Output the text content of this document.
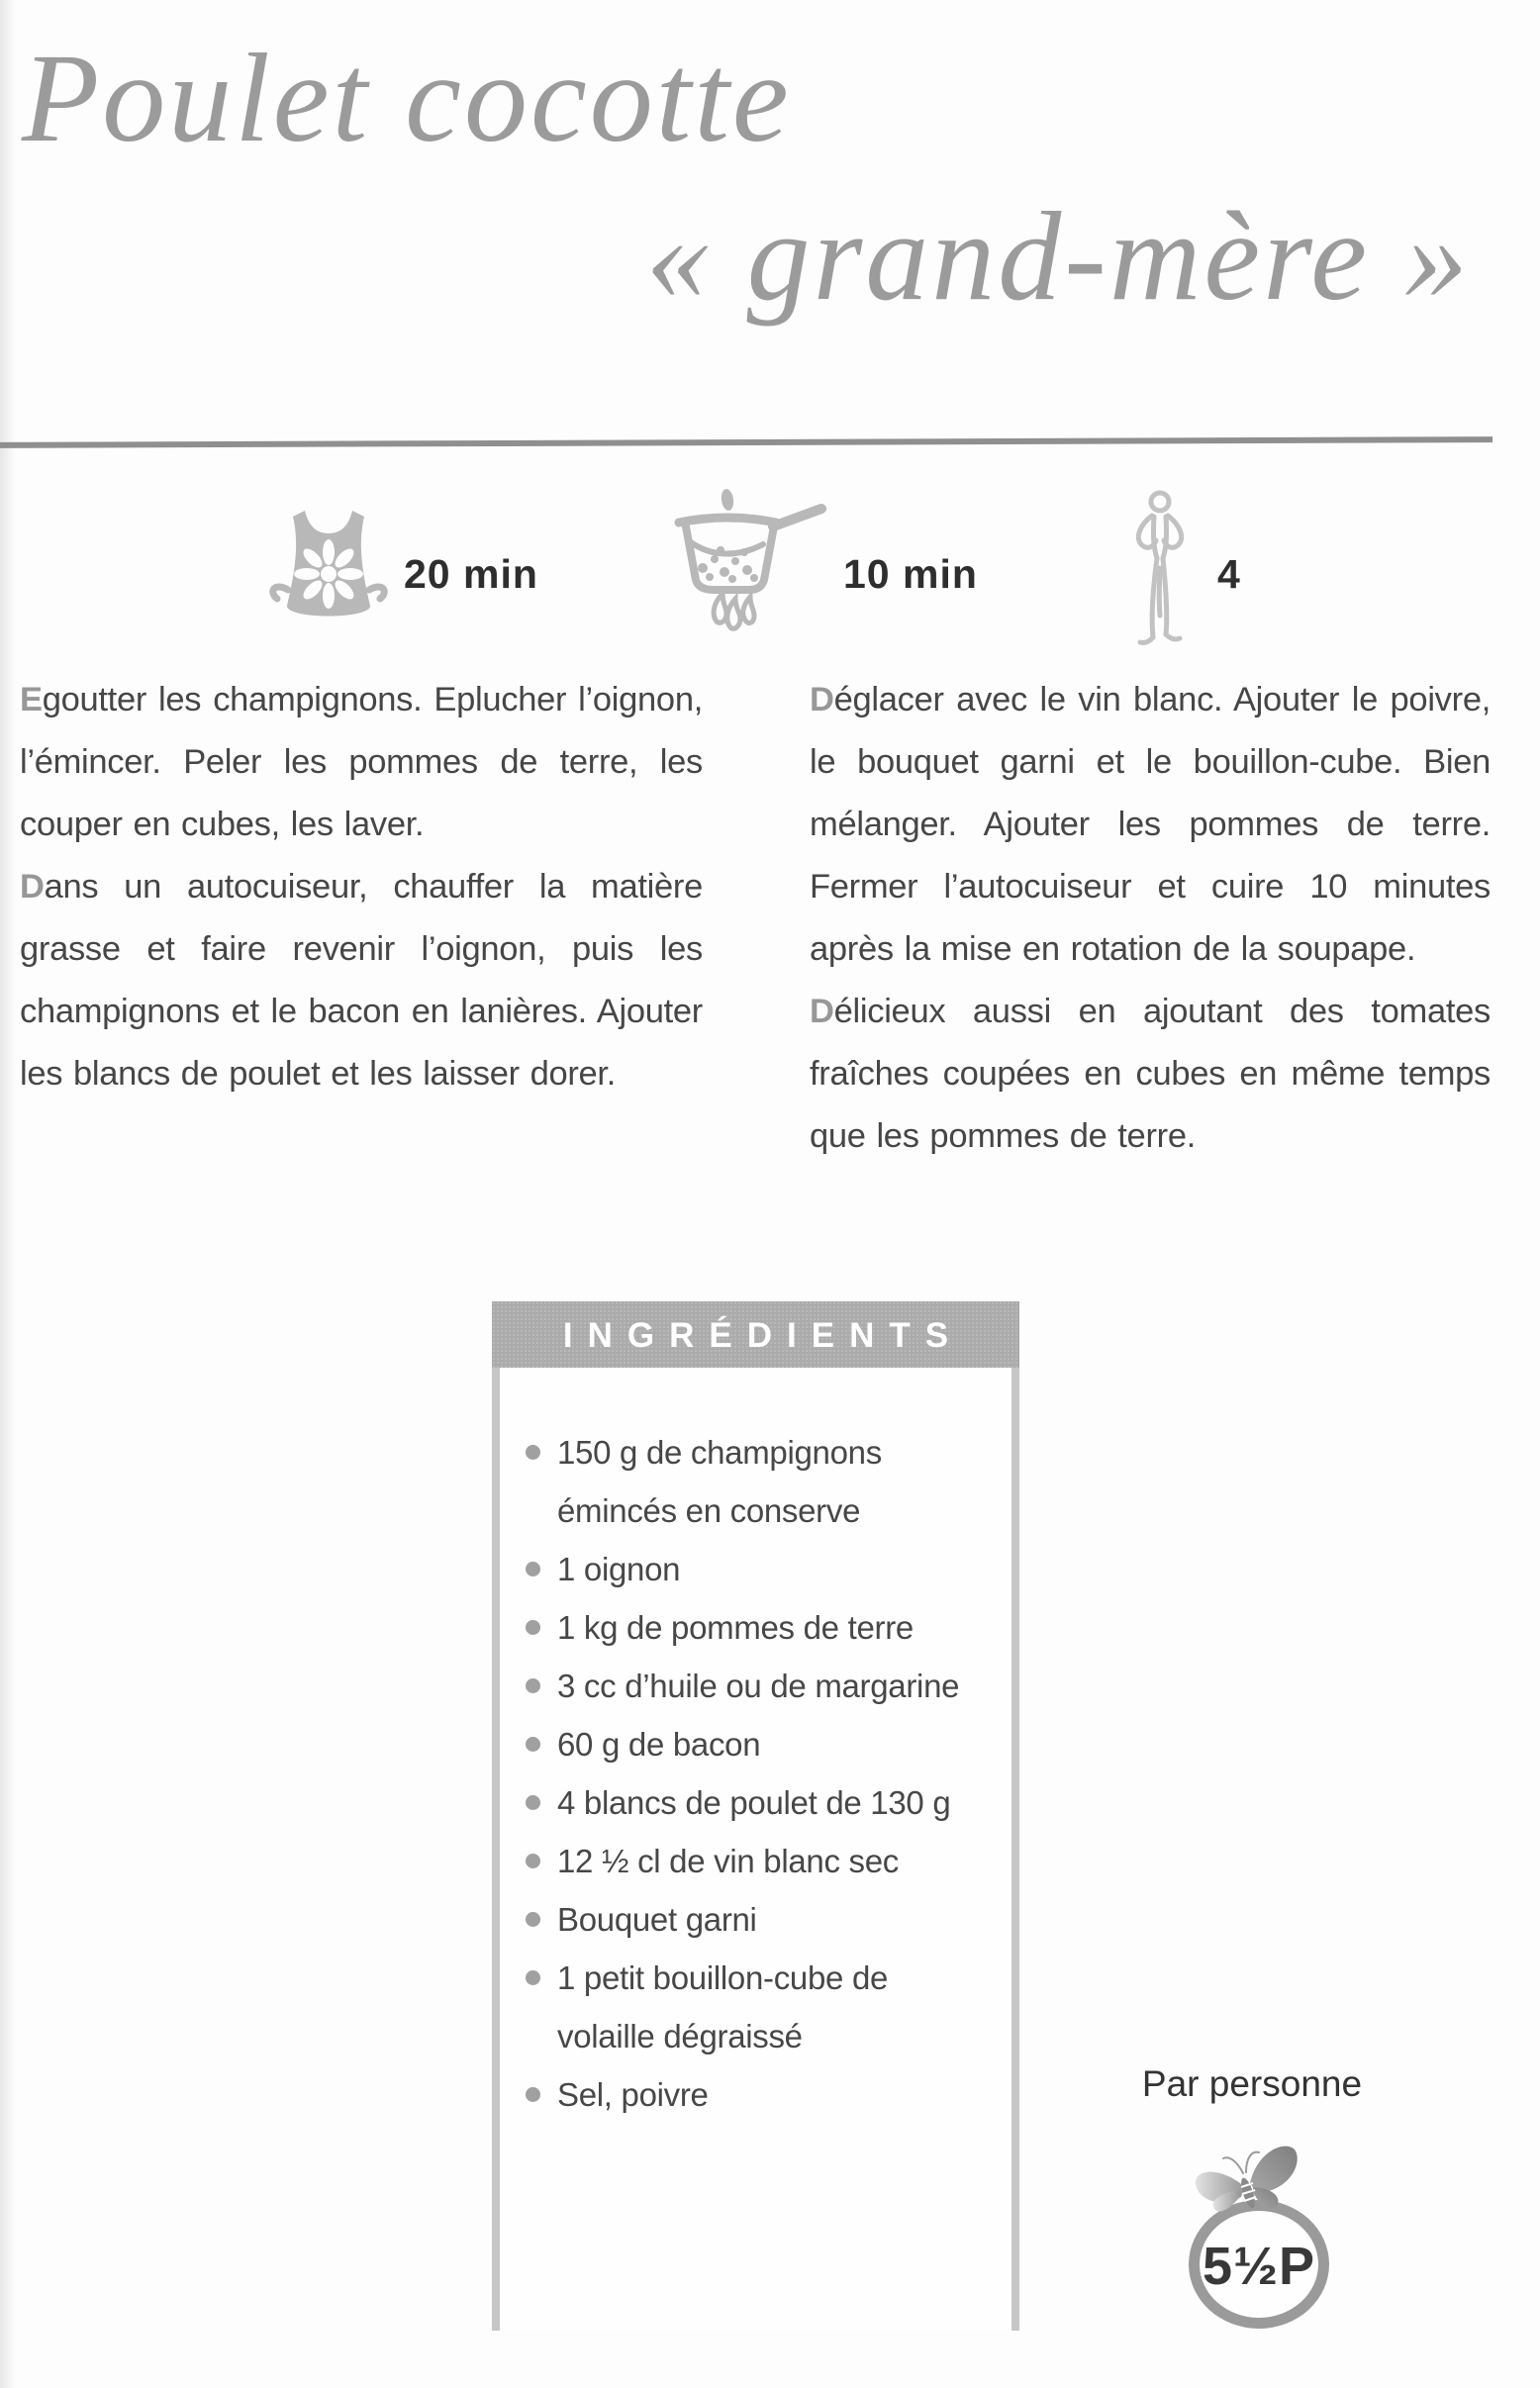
Poulet cocotte
« grand-mère »
20 min	10 min	4

Egoutter les champignons. Eplucher l’oignon, l’émincer. Peler les pommes de terre, les couper en cubes, les laver.

Dans un autocuiseur, chauffer la matière grasse et faire revenir l’oignon, puis les champignons et le bacon en lanières. Ajouter les blancs de poulet et les laisser dorer.

Déglacer avec le vin blanc. Ajouter le poivre, le bouquet garni et le bouillon-cube. Bien mélanger. Ajouter les pommes de terre. Fermer l’autocuiseur et cuire 10 minutes après la mise en rotation de la soupape.

Délicieux aussi en ajoutant des tomates fraîches coupées en cubes en même temps que les pommes de terre.

INGRÉDIENTS
150 g de champignons émincés en conserve
1 oignon
1 kg de pommes de terre
3 cc d’huile ou de margarine
60 g de bacon
4 blancs de poulet de 130 g
12 ½ cl de vin blanc sec
Bouquet garni
1 petit bouillon-cube de volaille dégraissé
Sel, poivre	Par personne
5½P
